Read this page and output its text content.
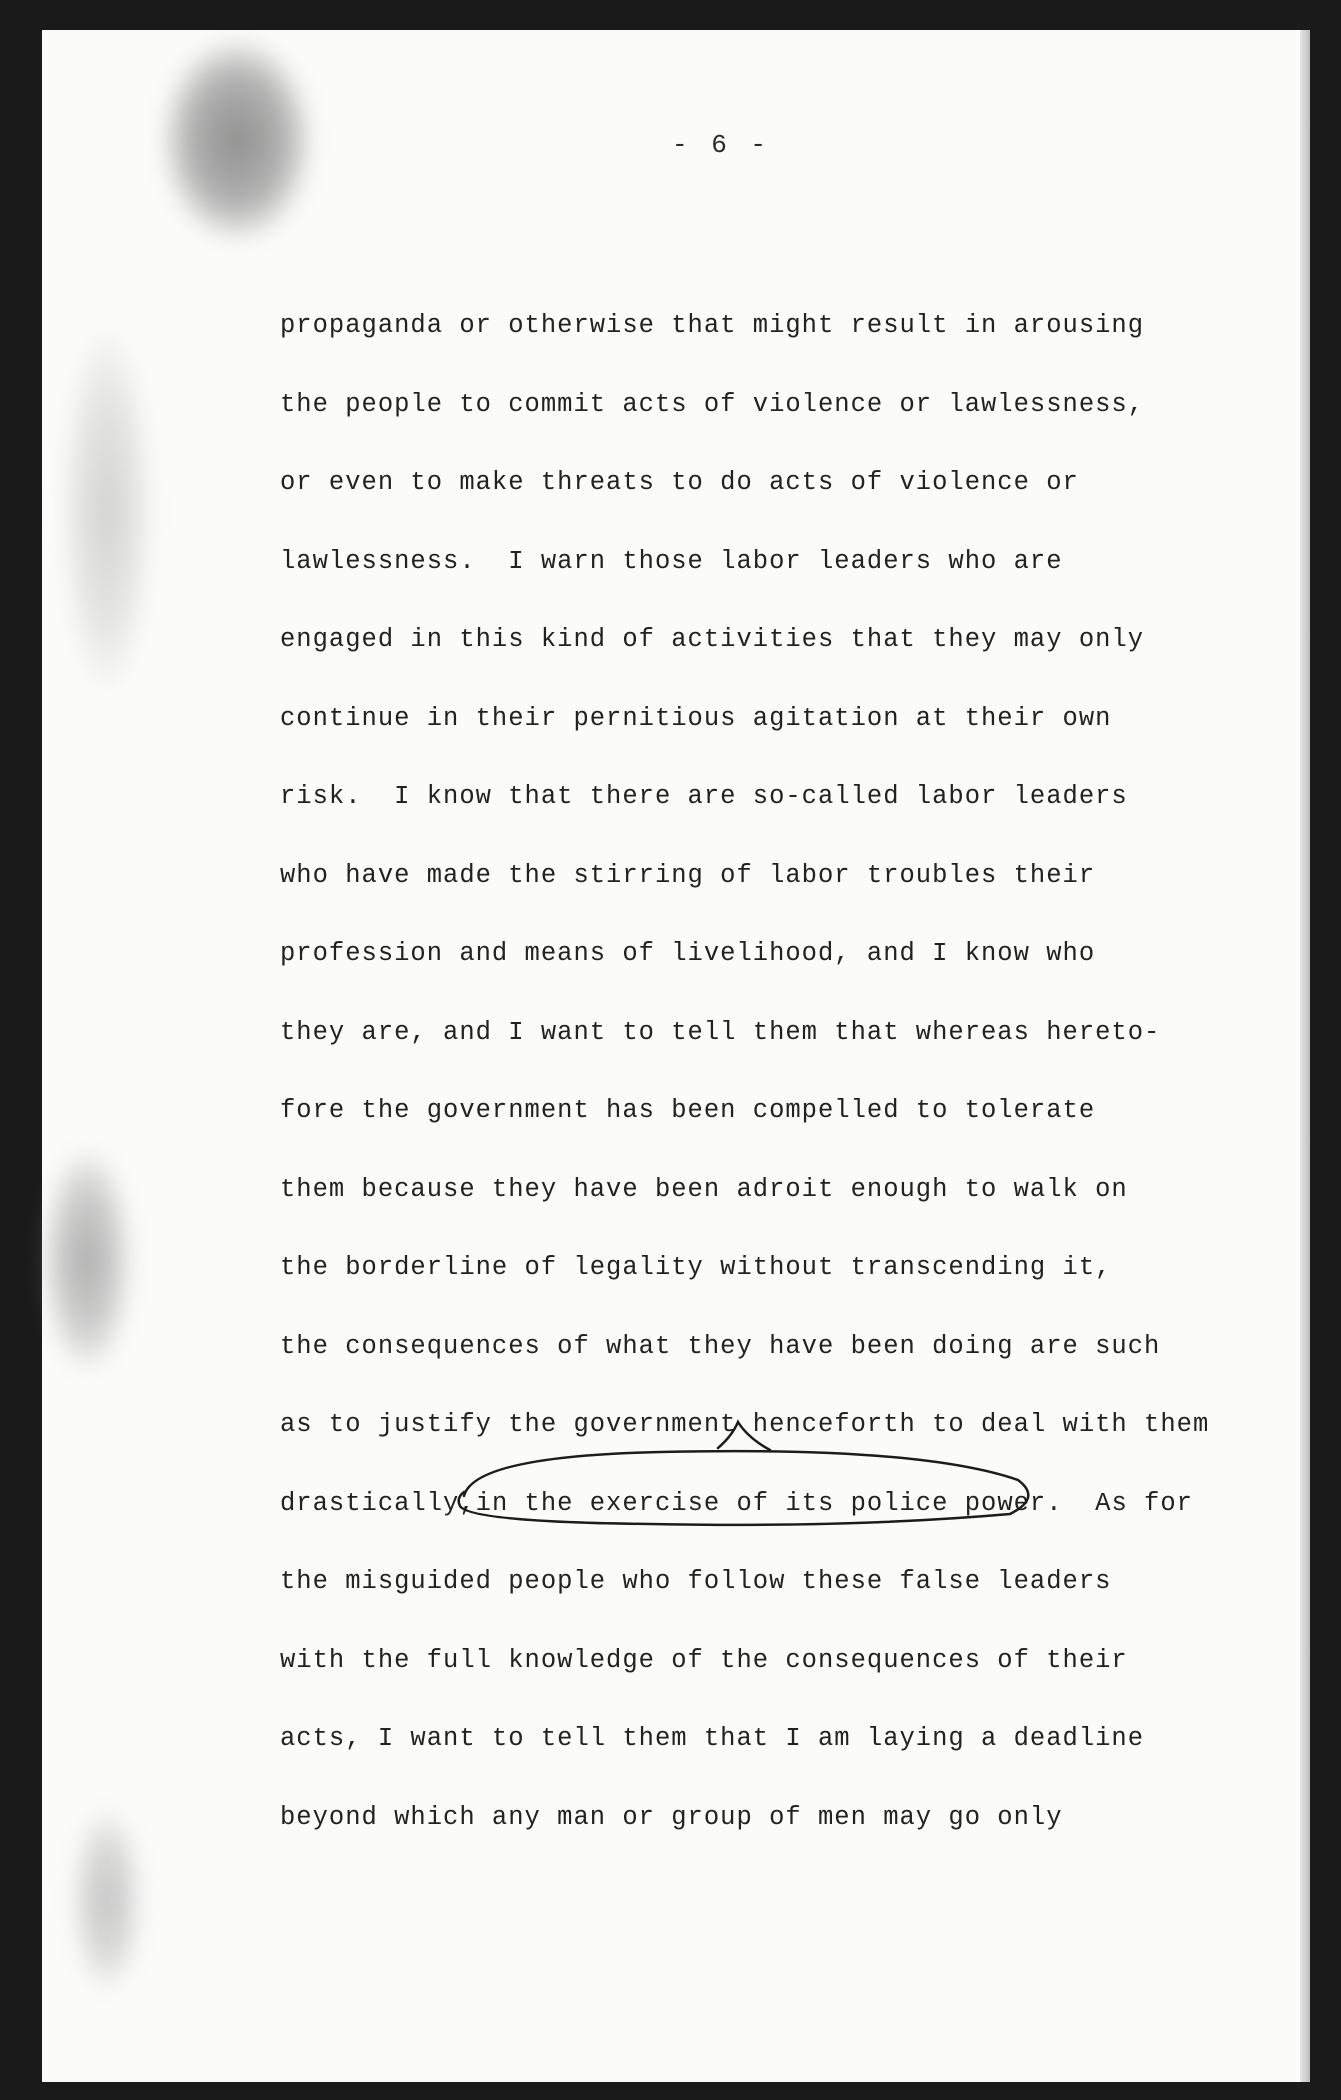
- 6 -
propaganda or otherwise that might result in arousing
the people to commit acts of violence or lawlessness,
or even to make threats to do acts of violence or
lawlessness.  I warn those labor leaders who are
engaged in this kind of activities that they may only
continue in their pernitious agitation at their own
risk.  I know that there are so-called labor leaders
who have made the stirring of labor troubles their
profession and means of livelihood, and I know who
they are, and I want to tell them that whereas hereto-
fore the government has been compelled to tolerate
them because they have been adroit enough to walk on
the borderline of legality without transcending it,
the consequences of what they have been doing are such
as to justify the government henceforth to deal with them
drastically,in the exercise of its police power.  As for
the misguided people who follow these false leaders
with the full knowledge of the consequences of their
acts, I want to tell them that I am laying a deadline
beyond which any man or group of men may go only
